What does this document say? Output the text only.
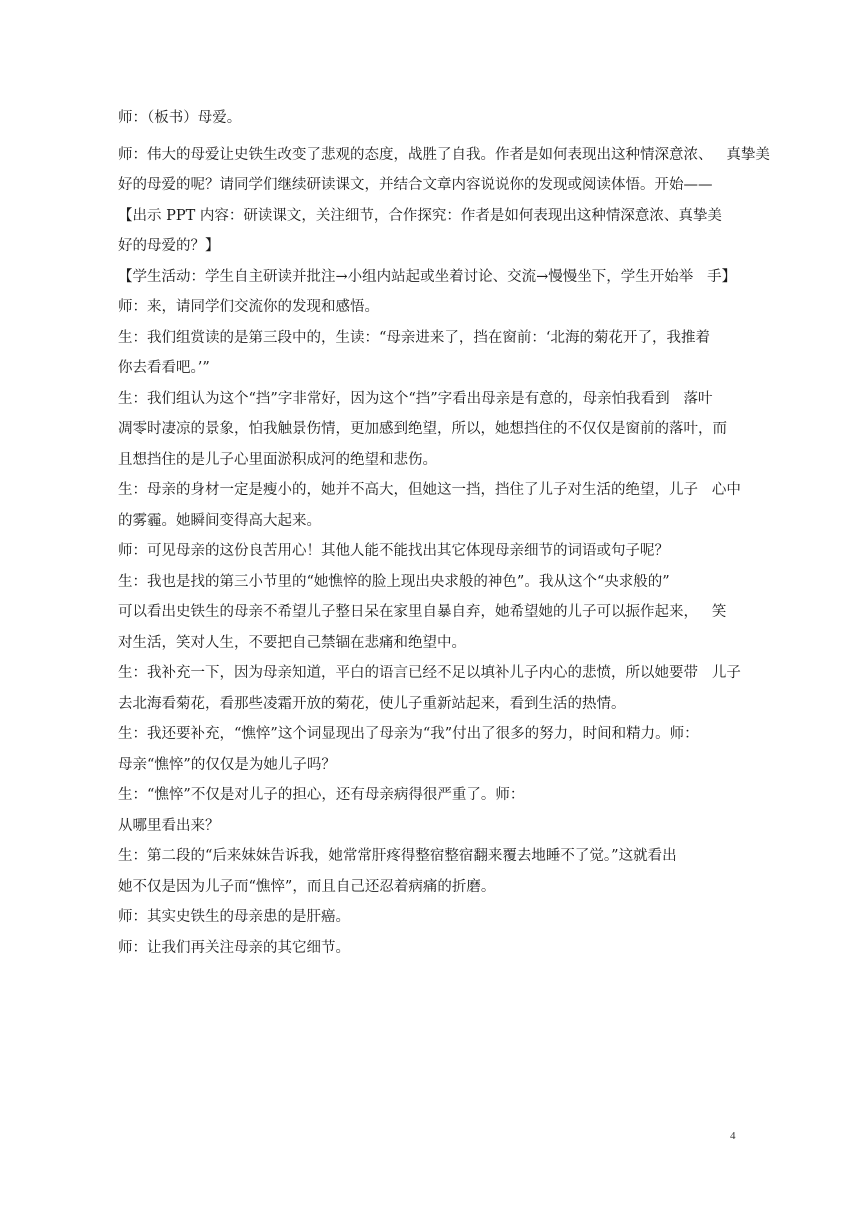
师：（板书）母爱。

师：伟大的母爱让史铁生改变了悲观的态度，战胜了自我。作者是如何表现出这种情深意浓、   真挚美

好的母爱的呢？请同学们继续研读课文，并结合文章内容说说你的发现或阅读体悟。开始——

【出示 PPT 内容：研读课文，关注细节，合作探究：作者是如何表现出这种情深意浓、真挚美

好的母爱的？】

【学生活动：学生自主研读并批注→小组内站起或坐着讨论、交流→慢慢坐下，学生开始举   手】

师：来，请同学们交流你的发现和感悟。

生：我们组赏读的是第三段中的，生读：“母亲进来了，挡在窗前：‘北海的菊花开了，我推着

你去看看吧。’”

生：我们组认为这个“挡”字非常好，因为这个“挡”字看出母亲是有意的，母亲怕我看到   落叶

凋零时凄凉的景象，怕我触景伤情，更加感到绝望，所以，她想挡住的不仅仅是窗前的落叶，而

且想挡住的是儿子心里面淤积成河的绝望和悲伤。

生：母亲的身材一定是瘦小的，她并不高大，但她这一挡，挡住了儿子对生活的绝望，儿子   心中

的雾霾。她瞬间变得高大起来。

师：可见母亲的这份良苦用心！其他人能不能找出其它体现母亲细节的词语或句子呢？

生：我也是找的第三小节里的“她憔悴的脸上现出央求般的神色”。我从这个“央求般的”

可以看出史铁生的母亲不希望儿子整日呆在家里自暴自弃，她希望她的儿子可以振作起来，   笑

对生活，笑对人生，不要把自己禁锢在悲痛和绝望中。

生：我补充一下，因为母亲知道，平白的语言已经不足以填补儿子内心的悲愤，所以她要带   儿子

去北海看菊花，看那些凌霜开放的菊花，使儿子重新站起来，看到生活的热情。

生：我还要补充，“憔悴”这个词显现出了母亲为“我”付出了很多的努力，时间和精力。师：

母亲“憔悴”的仅仅是为她儿子吗？

生：“憔悴”不仅是对儿子的担心，还有母亲病得很严重了。师：

从哪里看出来？

生：第二段的“后来妹妹告诉我，她常常肝疼得整宿整宿翻来覆去地睡不了觉。”这就看出

她不仅是因为儿子而“憔悴”，而且自己还忍着病痛的折磨。

师：其实史铁生的母亲患的是肝癌。

师：让我们再关注母亲的其它细节。

4
